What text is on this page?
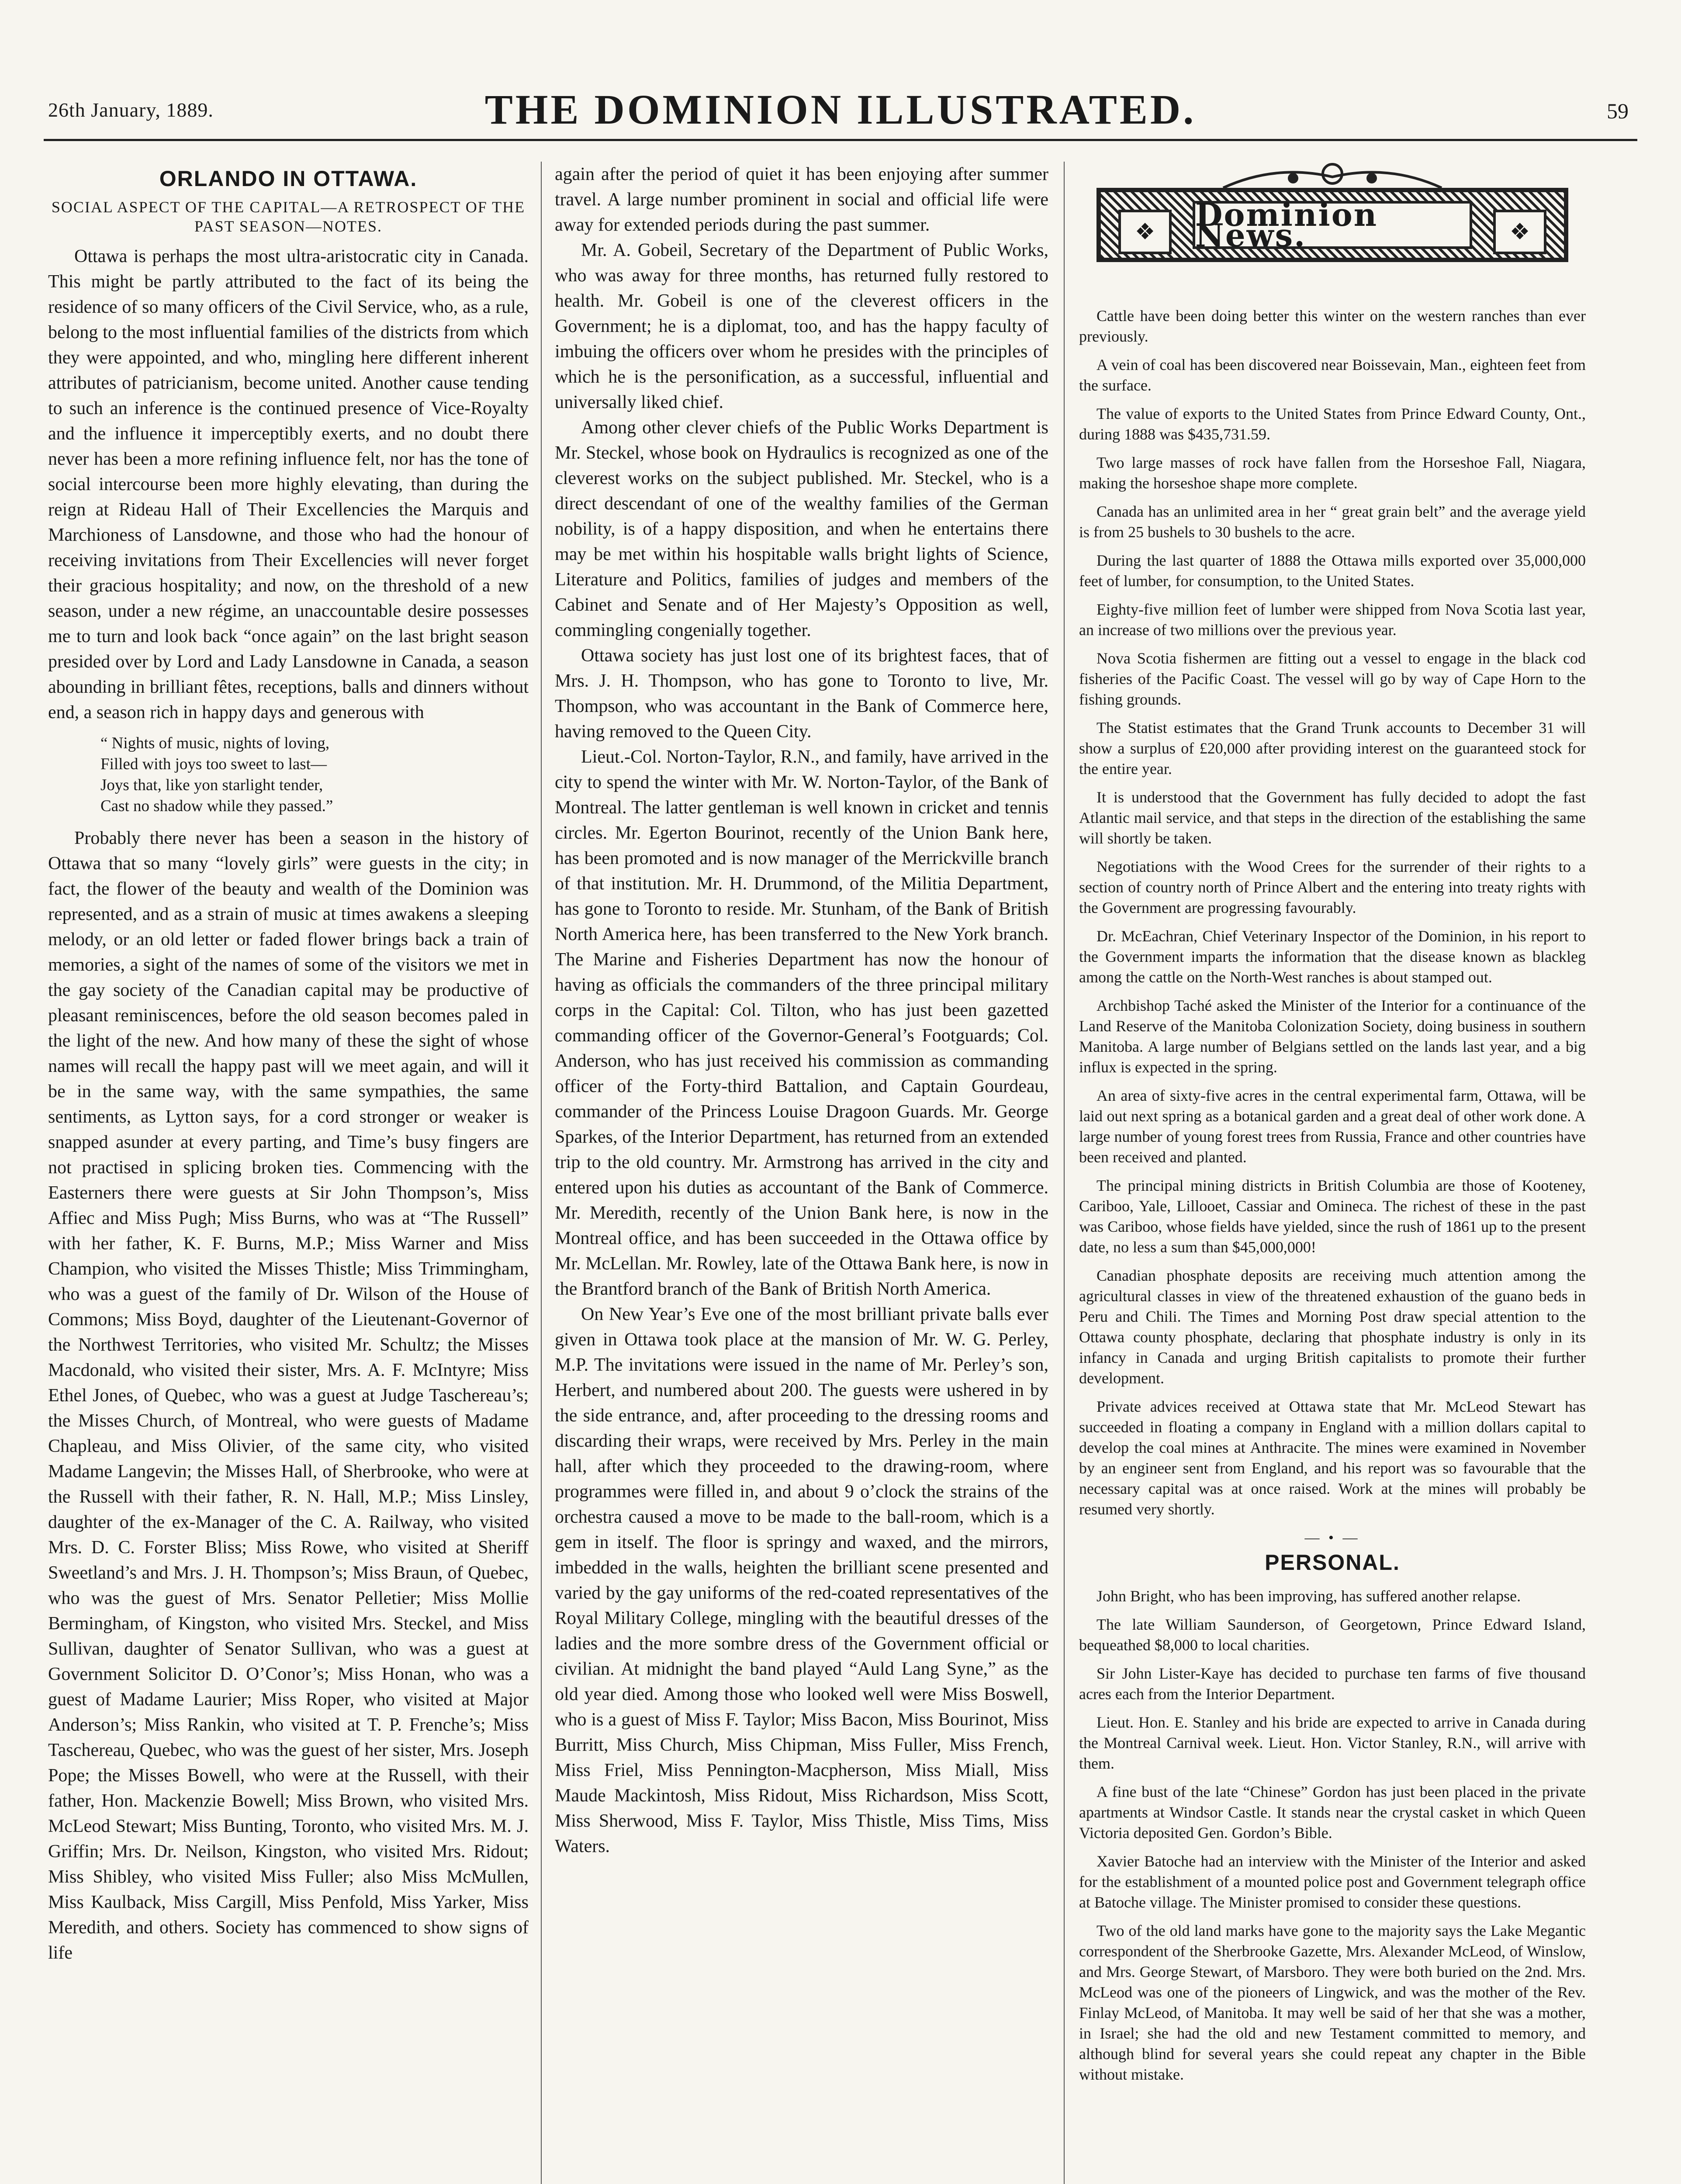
26th January, 1889.	THE DOMINION ILLUSTRATED.	59
ORLANDO IN OTTAWA.
SOCIAL ASPECT OF THE CAPITAL—A RETROSPECT OF THE PAST SEASON—NOTES.

Ottawa is perhaps the most ultra-aristocratic city in Canada. This might be partly attributed to the fact of its being the residence of so many officers of the Civil Service, who, as a rule, belong to the most influential families of the districts from which they were appointed, and who, mingling here different inherent attributes of patricianism, become united. Another cause tending to such an inference is the continued presence of Vice-Royalty and the influence it imperceptibly exerts, and no doubt there never has been a more refining influence felt, nor has the tone of social intercourse been more highly elevating, than during the reign at Rideau Hall of Their Excellencies the Marquis and Marchioness of Lansdowne, and those who had the honour of receiving invitations from Their Excellencies will never forget their gracious hospitality; and now, on the threshold of a new season, under a new régime, an unaccountable desire possesses me to turn and look back “once again” on the last bright season presided over by Lord and Lady Lansdowne in Canada, a season abounding in brilliant fêtes, receptions, balls and dinners without end, a season rich in happy days and generous with

“ Nights of music, nights of loving,
Filled with joys too sweet to last—
Joys that, like yon starlight tender,
Cast no shadow while they passed.”

Probably there never has been a season in the history of Ottawa that so many “lovely girls” were guests in the city; in fact, the flower of the beauty and wealth of the Dominion was represented, and as a strain of music at times awakens a sleeping melody, or an old letter or faded flower brings back a train of memories, a sight of the names of some of the visitors we met in the gay society of the Canadian capital may be productive of pleasant reminiscences, before the old season becomes paled in the light of the new. And how many of these the sight of whose names will recall the happy past will we meet again, and will it be in the same way, with the same sympathies, the same sentiments, as Lytton says, for a cord stronger or weaker is snapped asunder at every parting, and Time’s busy fingers are not practised in splicing broken ties. Commencing with the Easterners there were guests at Sir John Thompson’s, Miss Affiec and Miss Pugh; Miss Burns, who was at “The Russell” with her father, K. F. Burns, M.P.; Miss Warner and Miss Champion, who visited the Misses Thistle; Miss Trimmingham, who was a guest of the family of Dr. Wilson of the House of Commons; Miss Boyd, daughter of the Lieutenant-Governor of the Northwest Territories, who visited Mr. Schultz; the Misses Macdonald, who visited their sister, Mrs. A. F. McIntyre; Miss Ethel Jones, of Quebec, who was a guest at Judge Taschereau’s; the Misses Church, of Montreal, who were guests of Madame Chapleau, and Miss Olivier, of the same city, who visited Madame Langevin; the Misses Hall, of Sherbrooke, who were at the Russell with their father, R. N. Hall, M.P.; Miss Linsley, daughter of the ex-Manager of the C. A. Railway, who visited Mrs. D. C. Forster Bliss; Miss Rowe, who visited at Sheriff Sweetland’s and Mrs. J. H. Thompson’s; Miss Braun, of Quebec, who was the guest of Mrs. Senator Pelletier; Miss Mollie Bermingham, of Kingston, who visited Mrs. Steckel, and Miss Sullivan, daughter of Senator Sullivan, who was a guest at Government Solicitor D. O’Conor’s; Miss Honan, who was a guest of Madame Laurier; Miss Roper, who visited at Major Anderson’s; Miss Rankin, who visited at T. P. Frenche’s; Miss Taschereau, Quebec, who was the guest of her sister, Mrs. Joseph Pope; the Misses Bowell, who were at the Russell, with their father, Hon. Mackenzie Bowell; Miss Brown, who visited Mrs. McLeod Stewart; Miss Bunting, Toronto, who visited Mrs. M. J. Griffin; Mrs. Dr. Neilson, Kingston, who visited Mrs. Ridout; Miss Shibley, who visited Miss Fuller; also Miss McMullen, Miss Kaulback, Miss Cargill, Miss Penfold, Miss Yarker, Miss Meredith, and others. Society has commenced to show signs of life

again after the period of quiet it has been enjoying after summer travel. A large number prominent in social and official life were away for extended periods during the past summer.

Mr. A. Gobeil, Secretary of the Department of Public Works, who was away for three months, has returned fully restored to health. Mr. Gobeil is one of the cleverest officers in the Government; he is a diplomat, too, and has the happy faculty of imbuing the officers over whom he presides with the principles of which he is the personification, as a successful, influential and universally liked chief.

Among other clever chiefs of the Public Works Department is Mr. Steckel, whose book on Hydraulics is recognized as one of the cleverest works on the subject published. Mr. Steckel, who is a direct descendant of one of the wealthy families of the German nobility, is of a happy disposition, and when he entertains there may be met within his hospitable walls bright lights of Science, Literature and Politics, families of judges and members of the Cabinet and Senate and of Her Majesty’s Opposition as well, commingling congenially together.

Ottawa society has just lost one of its brightest faces, that of Mrs. J. H. Thompson, who has gone to Toronto to live, Mr. Thompson, who was accountant in the Bank of Commerce here, having removed to the Queen City.

Lieut.-Col. Norton-Taylor, R.N., and family, have arrived in the city to spend the winter with Mr. W. Norton-Taylor, of the Bank of Montreal. The latter gentleman is well known in cricket and tennis circles. Mr. Egerton Bourinot, recently of the Union Bank here, has been promoted and is now manager of the Merrickville branch of that institution. Mr. H. Drummond, of the Militia Department, has gone to Toronto to reside. Mr. Stunham, of the Bank of British North America here, has been transferred to the New York branch. The Marine and Fisheries Department has now the honour of having as officials the commanders of the three principal military corps in the Capital: Col. Tilton, who has just been gazetted commanding officer of the Governor-General’s Footguards; Col. Anderson, who has just received his commission as commanding officer of the Forty-third Battalion, and Captain Gourdeau, commander of the Princess Louise Dragoon Guards. Mr. George Sparkes, of the Interior Department, has returned from an extended trip to the old country. Mr. Armstrong has arrived in the city and entered upon his duties as accountant of the Bank of Commerce. Mr. Meredith, recently of the Union Bank here, is now in the Montreal office, and has been succeeded in the Ottawa office by Mr. McLellan. Mr. Rowley, late of the Ottawa Bank here, is now in the Brantford branch of the Bank of British North America.

On New Year’s Eve one of the most brilliant private balls ever given in Ottawa took place at the mansion of Mr. W. G. Perley, M.P. The invitations were issued in the name of Mr. Perley’s son, Herbert, and numbered about 200. The guests were ushered in by the side entrance, and, after proceeding to the dressing rooms and discarding their wraps, were received by Mrs. Perley in the main hall, after which they proceeded to the drawing-room, where programmes were filled in, and about 9 o’clock the strains of the orchestra caused a move to be made to the ball-room, which is a gem in itself. The floor is springy and waxed, and the mirrors, imbedded in the walls, heighten the brilliant scene presented and varied by the gay uniforms of the red-coated representatives of the Royal Military College, mingling with the beautiful dresses of the ladies and the more sombre dress of the Government official or civilian. At midnight the band played “Auld Lang Syne,” as the old year died. Among those who looked well were Miss Boswell, who is a guest of Miss F. Taylor; Miss Bacon, Miss Bourinot, Miss Burritt, Miss Church, Miss Chipman, Miss Fuller, Miss French, Miss Friel, Miss Pennington-Macpherson, Miss Miall, Miss Maude Mackintosh, Miss Ridout, Miss Richardson, Miss Scott, Miss Sherwood, Miss F. Taylor, Miss Thistle, Miss Tims, Miss Waters.

❖	Dominion News.	❖

Cattle have been doing better this winter on the western ranches than ever previously.

A vein of coal has been discovered near Boissevain, Man., eighteen feet from the surface.

The value of exports to the United States from Prince Edward County, Ont., during 1888 was $435,731.59.

Two large masses of rock have fallen from the Horseshoe Fall, Niagara, making the horseshoe shape more complete.

Canada has an unlimited area in her “ great grain belt” and the average yield is from 25 bushels to 30 bushels to the acre.

During the last quarter of 1888 the Ottawa mills exported over 35,000,000 feet of lumber, for consumption, to the United States.

Eighty-five million feet of lumber were shipped from Nova Scotia last year, an increase of two millions over the previous year.

Nova Scotia fishermen are fitting out a vessel to engage in the black cod fisheries of the Pacific Coast. The vessel will go by way of Cape Horn to the fishing grounds.

The Statist estimates that the Grand Trunk accounts to December 31 will show a surplus of £20,000 after providing interest on the guaranteed stock for the entire year.

It is understood that the Government has fully decided to adopt the fast Atlantic mail service, and that steps in the direction of the establishing the same will shortly be taken.

Negotiations with the Wood Crees for the surrender of their rights to a section of country north of Prince Albert and the entering into treaty rights with the Government are progressing favourably.

Dr. McEachran, Chief Veterinary Inspector of the Dominion, in his report to the Government imparts the information that the disease known as blackleg among the cattle on the North-West ranches is about stamped out.

Archbishop Taché asked the Minister of the Interior for a continuance of the Land Reserve of the Manitoba Colonization Society, doing business in southern Manitoba. A large number of Belgians settled on the lands last year, and a big influx is expected in the spring.

An area of sixty-five acres in the central experimental farm, Ottawa, will be laid out next spring as a botanical garden and a great deal of other work done. A large number of young forest trees from Russia, France and other countries have been received and planted.

The principal mining districts in British Columbia are those of Kooteney, Cariboo, Yale, Lillooet, Cassiar and Omineca. The richest of these in the past was Cariboo, whose fields have yielded, since the rush of 1861 up to the present date, no less a sum than $45,000,000!

Canadian phosphate deposits are receiving much attention among the agricultural classes in view of the threatened exhaustion of the guano beds in Peru and Chili. The Times and Morning Post draw special attention to the Ottawa county phosphate, declaring that phosphate industry is only in its infancy in Canada and urging British capitalists to promote their further development.

Private advices received at Ottawa state that Mr. McLeod Stewart has succeeded in floating a company in England with a million dollars capital to develop the coal mines at Anthracite. The mines were examined in November by an engineer sent from England, and his report was so favourable that the necessary capital was at once raised. Work at the mines will probably be resumed very shortly.

— • —
PERSONAL.

John Bright, who has been improving, has suffered another relapse.

The late William Saunderson, of Georgetown, Prince Edward Island, bequeathed $8,000 to local charities.

Sir John Lister-Kaye has decided to purchase ten farms of five thousand acres each from the Interior Department.

Lieut. Hon. E. Stanley and his bride are expected to arrive in Canada during the Montreal Carnival week. Lieut. Hon. Victor Stanley, R.N., will arrive with them.

A fine bust of the late “Chinese” Gordon has just been placed in the private apartments at Windsor Castle. It stands near the crystal casket in which Queen Victoria deposited Gen. Gordon’s Bible.

Xavier Batoche had an interview with the Minister of the Interior and asked for the establishment of a mounted police post and Government telegraph office at Batoche village. The Minister promised to consider these questions.

Two of the old land marks have gone to the majority says the Lake Megantic correspondent of the Sherbrooke Gazette, Mrs. Alexander McLeod, of Winslow, and Mrs. George Stewart, of Marsboro. They were both buried on the 2nd. Mrs. McLeod was one of the pioneers of Lingwick, and was the mother of the Rev. Finlay McLeod, of Manitoba. It may well be said of her that she was a mother, in Israel; she had the old and new Testament committed to memory, and although blind for several years she could repeat any chapter in the Bible without mistake.
